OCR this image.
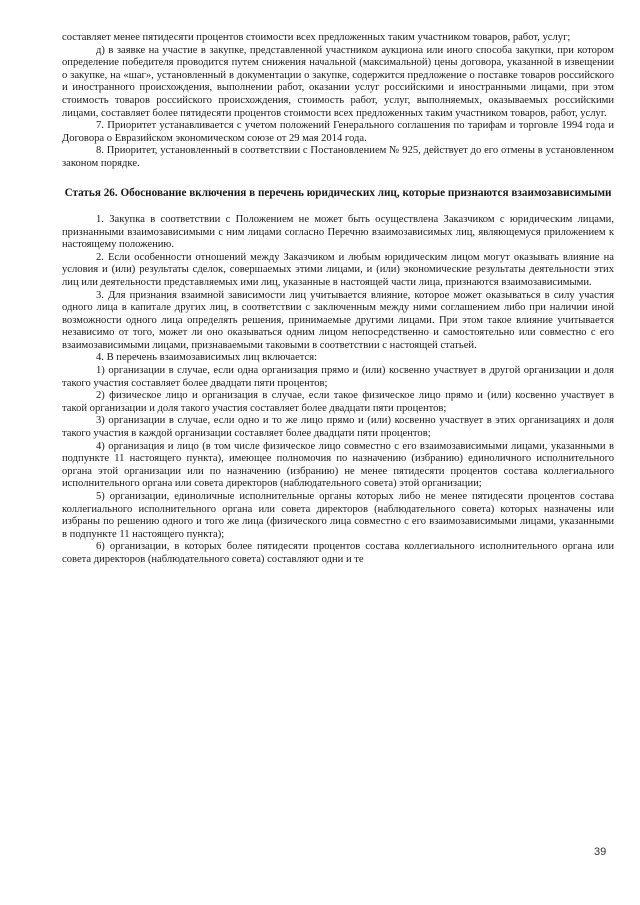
составляет менее пятидесяти процентов стоимости всех предложенных таким участником товаров, работ, услуг;

д) в заявке на участие в закупке, представленной участником аукциона или иного способа закупки, при котором определение победителя проводится путем снижения начальной (максимальной) цены договора, указанной в извещении о закупке, на «шаг», установленный в документации о закупке, содержится предложение о поставке товаров российского и иностранного происхождения, выполнении работ, оказании услуг российскими и иностранными лицами, при этом стоимость товаров российского происхождения, стоимость работ, услуг, выполняемых, оказываемых российскими лицами, составляет более пятидесяти процентов стоимости всех предложенных таким участником товаров, работ, услуг.

7. Приоритет устанавливается с учетом положений Генерального соглашения по тарифам и торговле 1994 года и Договора о Евразийском экономическом союзе от 29 мая 2014 года.

8. Приоритет, установленный в соответствии с Постановлением № 925, действует до его отмены в установленном законом порядке.

Статья 26. Обоснование включения в перечень юридических лиц, которые признаются взаимозависимыми

1. Закупка в соответствии с Положением не может быть осуществлена Заказчиком с юридическим лицами, признанными взаимозависимыми с ним лицами согласно Перечню взаимозависимых лиц, являющемуся приложением к настоящему положению.

2. Если особенности отношений между Заказчиком и любым юридическим лицом могут оказывать влияние на условия и (или) результаты сделок, совершаемых этими лицами, и (или) экономические результаты деятельности этих лиц или деятельности представляемых ими лиц, указанные в настоящей части лица, признаются взаимозависимыми.

3. Для признания взаимной зависимости лиц учитывается влияние, которое может оказываться в силу участия одного лица в капитале других лиц, в соответствии с заключенным между ними соглашением либо при наличии иной возможности одного лица определять решения, принимаемые другими лицами. При этом такое влияние учитывается независимо от того, может ли оно оказываться одним лицом непосредственно и самостоятельно или совместно с его взаимозависимыми лицами, признаваемыми таковыми в соответствии с настоящей статьей.

4. В перечень взаимозависимых лиц включается:

1) организации в случае, если одна организация прямо и (или) косвенно участвует в другой организации и доля такого участия составляет более двадцати пяти процентов;

2) физическое лицо и организация в случае, если такое физическое лицо прямо и (или) косвенно участвует в такой организации и доля такого участия составляет более двадцати пяти процентов;

3) организации в случае, если одно и то же лицо прямо и (или) косвенно участвует в этих организациях и доля такого участия в каждой организации составляет более двадцати пяти процентов;

4) организация и лицо (в том числе физическое лицо совместно с его взаимозависимыми лицами, указанными в подпункте 11 настоящего пункта), имеющее полномочия по назначению (избранию) единоличного исполнительного органа этой организации или по назначению (избранию) не менее пятидесяти процентов состава коллегиального исполнительного органа или совета директоров (наблюдательного совета) этой организации;

5) организации, единоличные исполнительные органы которых либо не менее пятидесяти процентов состава коллегиального исполнительного органа или совета директоров (наблюдательного совета) которых назначены или избраны по решению одного и того же лица (физического лица совместно с его взаимозависимыми лицами, указанными в подпункте 11 настоящего пункта);

6) организации, в которых более пятидесяти процентов состава коллегиального исполнительного органа или совета директоров (наблюдательного совета) составляют одни и те

39
